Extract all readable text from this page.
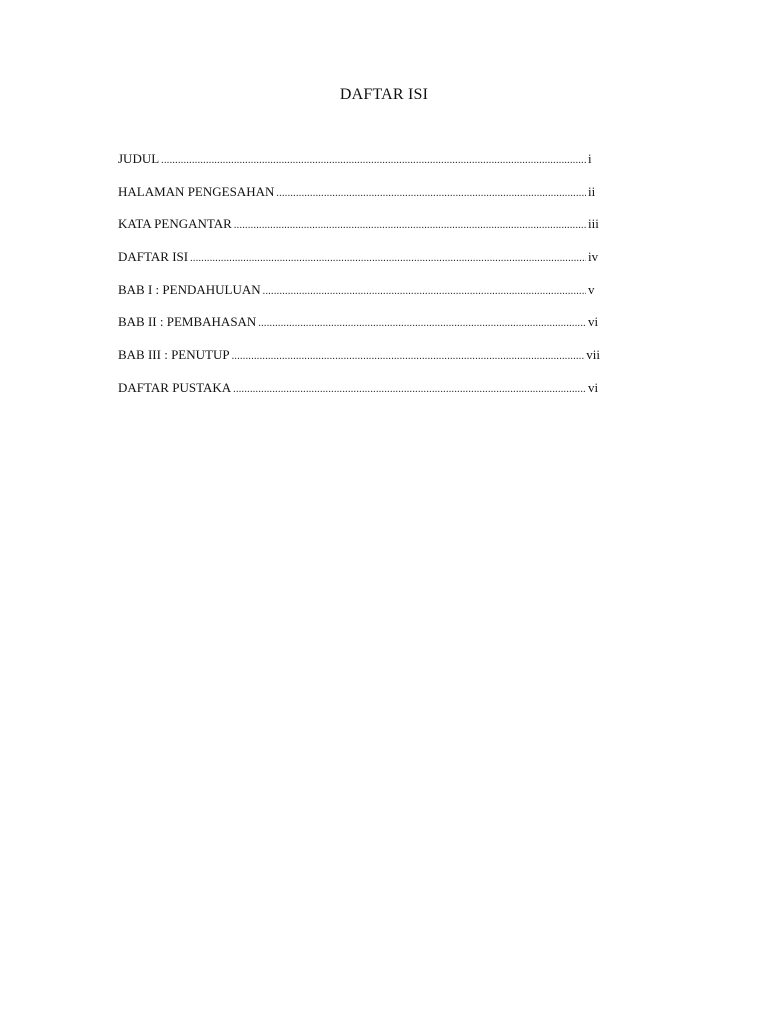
DAFTAR ISI
JUDUL .....	i
HALAMAN PENGESAHAN .....	ii
KATA PENGANTAR .....	iii
DAFTAR ISI .....	iv
BAB I : PENDAHULUAN .....	v
BAB II : PEMBAHASAN .....	vi
BAB III : PENUTUP .....	vii
DAFTAR PUSTAKA .....	vi
